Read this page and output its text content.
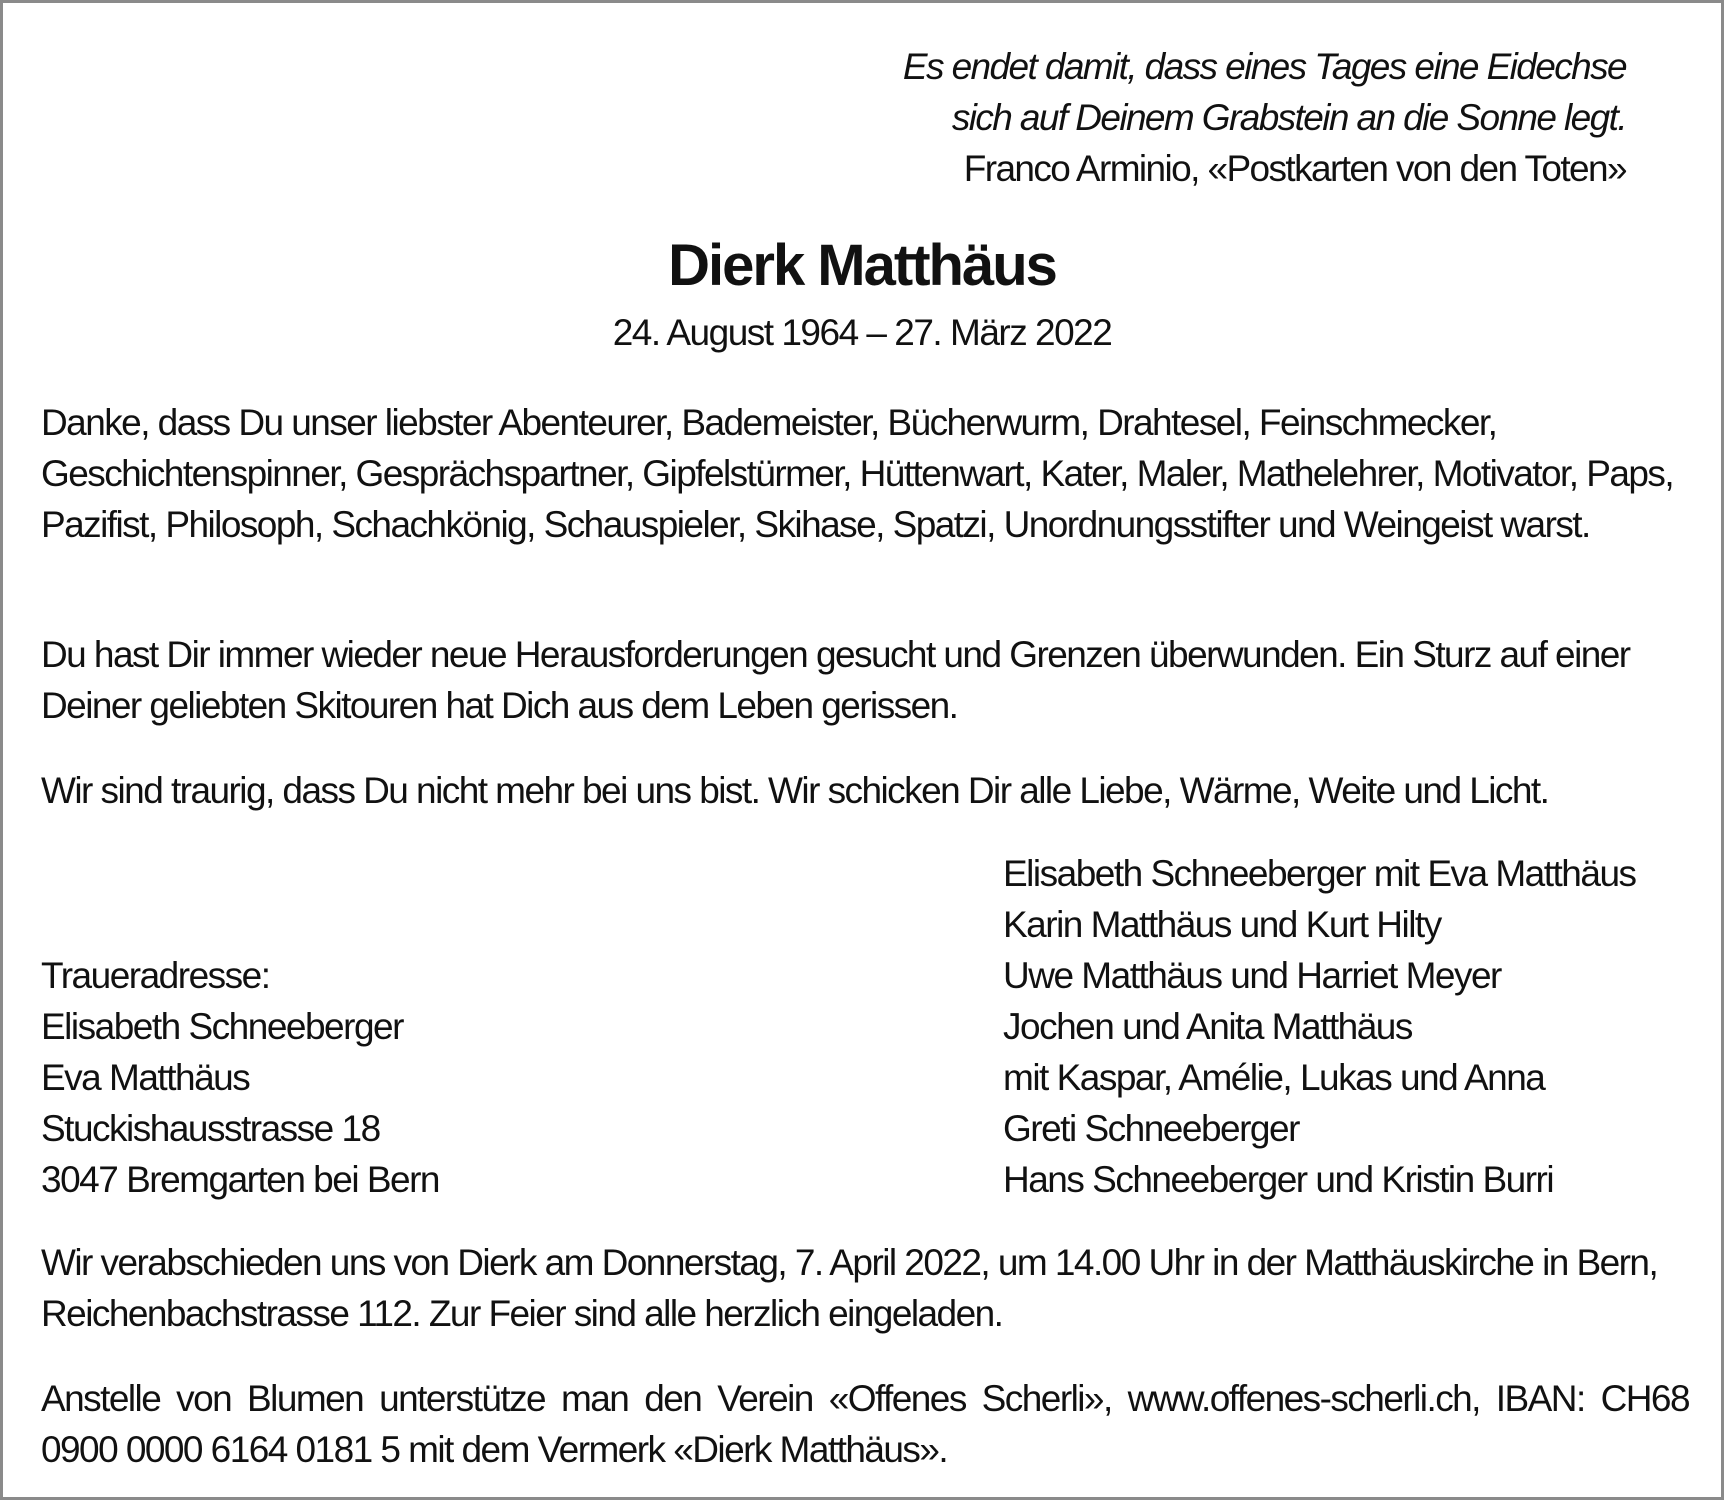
Es endet damit, dass eines Tages eine Eidechse
sich auf Deinem Grabstein an die Sonne legt.
Franco Arminio, «Postkarten von den Toten»
Dierk Matthäus
24. August 1964 – 27. März 2022

Danke, dass Du unser liebster Abenteurer, Bademeister, Bücherwurm, Drahtesel, Feinschmecker, Geschichtenspinner, Gesprächspartner, Gipfelstürmer, Hüttenwart, Kater, Maler, Mathelehrer, Motivator, Paps, Pazifist, Philosoph, Schachkönig, Schauspieler, Skihase, Spatzi, Unordnungsstifter und Weingeist warst.

Du hast Dir immer wieder neue Herausforderungen gesucht und Grenzen überwunden. Ein Sturz auf einer Deiner geliebten Skitouren hat Dich aus dem Leben gerissen.

Wir sind traurig, dass Du nicht mehr bei uns bist. Wir schicken Dir alle Liebe, Wärme, Weite und Licht.

Elisabeth Schneeberger mit Eva Matthäus
Karin Matthäus und Kurt Hilty
Uwe Matthäus und Harriet Meyer
Jochen und Anita Matthäus
mit Kaspar, Amélie, Lukas und Anna
Greti Schneeberger
Hans Schneeberger und Kristin Burri
Traueradresse:
Elisabeth Schneeberger
Eva Matthäus
Stuckishausstrasse 18
3047 Bremgarten bei Bern

Wir verabschieden uns von Dierk am Donnerstag, 7. April 2022, um 14.00 Uhr in der Matthäuskirche in Bern, Reichenbachstrasse 112. Zur Feier sind alle herzlich eingeladen.

Anstelle von Blumen unterstütze man den Verein «Offenes Scherli», www.offenes-scherli.ch, IBAN: CH68 0900 0000 6164 0181 5 mit dem Vermerk «Dierk Matthäus».
